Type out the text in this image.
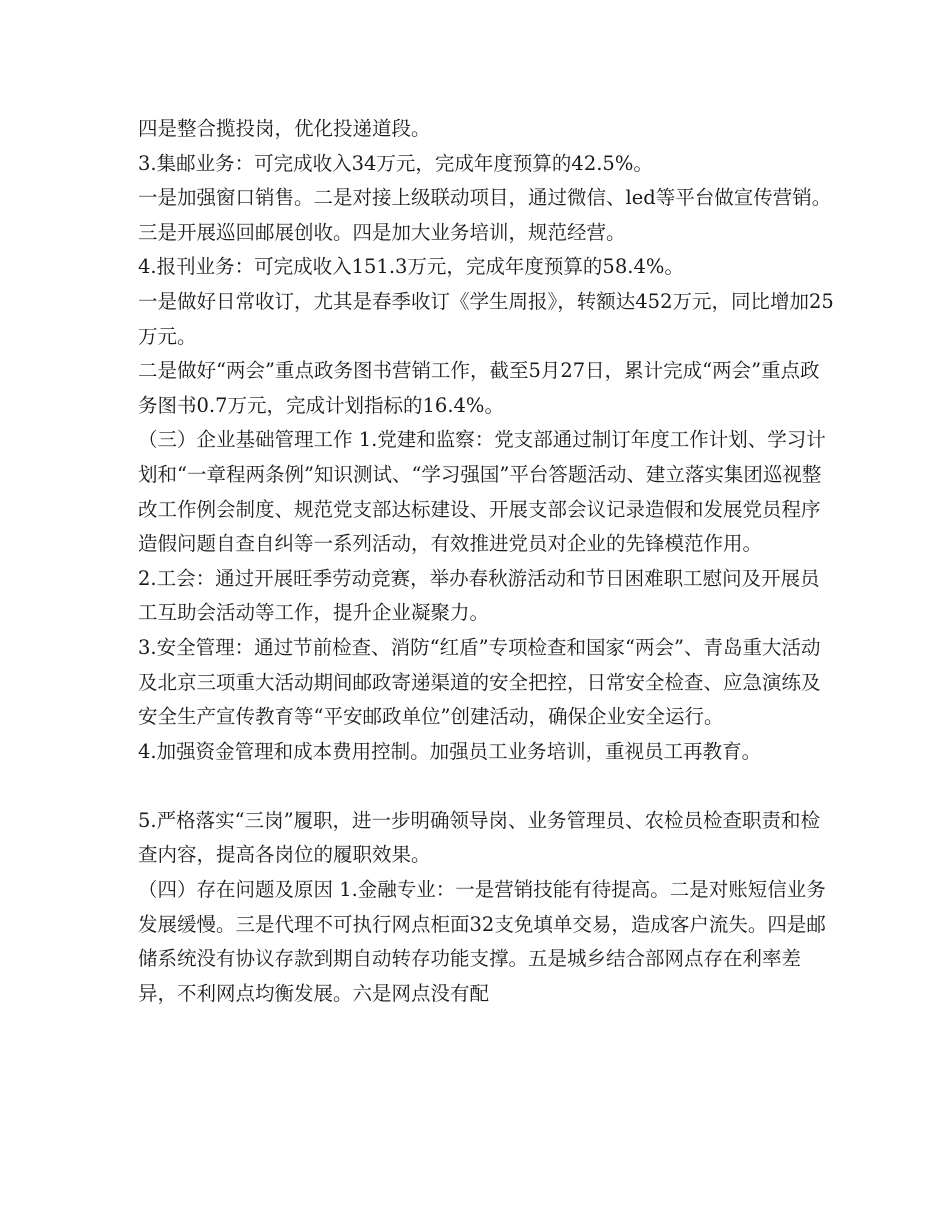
四是整合揽投岗，优化投递道段。

3.集邮业务：可完成收入34万元，完成年度预算的42.5%。

一是加强窗口销售。二是对接上级联动项目，通过微信、led等平台做宣传营销。三是开展巡回邮展创收。四是加大业务培训，规范经营。

4.报刊业务：可完成收入151.3万元，完成年度预算的58.4%。

一是做好日常收订，尤其是春季收订《学生周报》，转额达452万元，同比增加25万元。

二是做好“两会”重点政务图书营销工作，截至5月27日，累计完成“两会”重点政务图书0.7万元，完成计划指标的16.4%。

（三）企业基础管理工作 1.党建和监察：党支部通过制订年度工作计划、学习计划和“一章程两条例”知识测试、“学习强国”平台答题活动、建立落实集团巡视整改工作例会制度、规范党支部达标建设、开展支部会议记录造假和发展党员程序造假问题自查自纠等一系列活动，有效推进党员对企业的先锋模范作用。

2.工会：通过开展旺季劳动竞赛，举办春秋游活动和节日困难职工慰问及开展员工互助会活动等工作，提升企业凝聚力。

3.安全管理：通过节前检查、消防“红盾”专项检查和国家“两会”、青岛重大活动及北京三项重大活动期间邮政寄递渠道的安全把控，日常安全检查、应急演练及安全生产宣传教育等“平安邮政单位”创建活动，确保企业安全运行。

4.加强资金管理和成本费用控制。加强员工业务培训，重视员工再教育。

5.严格落实“三岗”履职，进一步明确领导岗、业务管理员、农检员检查职责和检查内容，提高各岗位的履职效果。

（四）存在问题及原因 1.金融专业：一是营销技能有待提高。二是对账短信业务发展缓慢。三是代理不可执行网点柜面32支免填单交易，造成客户流失。四是邮储系统没有协议存款到期自动转存功能支撑。五是城乡结合部网点存在利率差异，不利网点均衡发展。六是网点没有配
